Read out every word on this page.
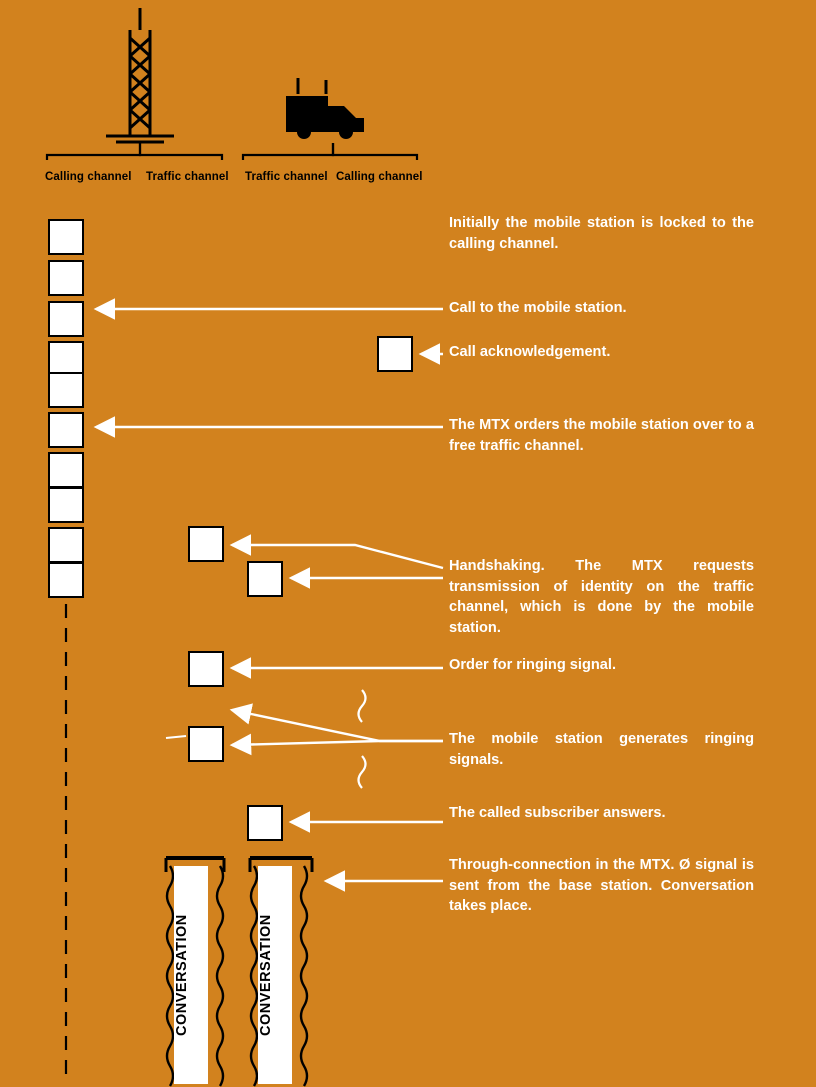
Calling channel Traffic channel Traffic channel Calling channel
CONVERSATION	CONVERSATION
Initially the mobile station is locked to the calling channel.
Call to the mobile station.
Call acknowledgement.
The MTX orders the mobile station over to a free traffic channel.
Handshaking. The MTX requests transmission of identity on the traffic channel, which is done by the mobile station.
Order for ringing signal.
The mobile station generates ringing signals.
The called subscriber answers.
Through-connection in the MTX. Ø signal is sent from the base station. Conversation takes place.
